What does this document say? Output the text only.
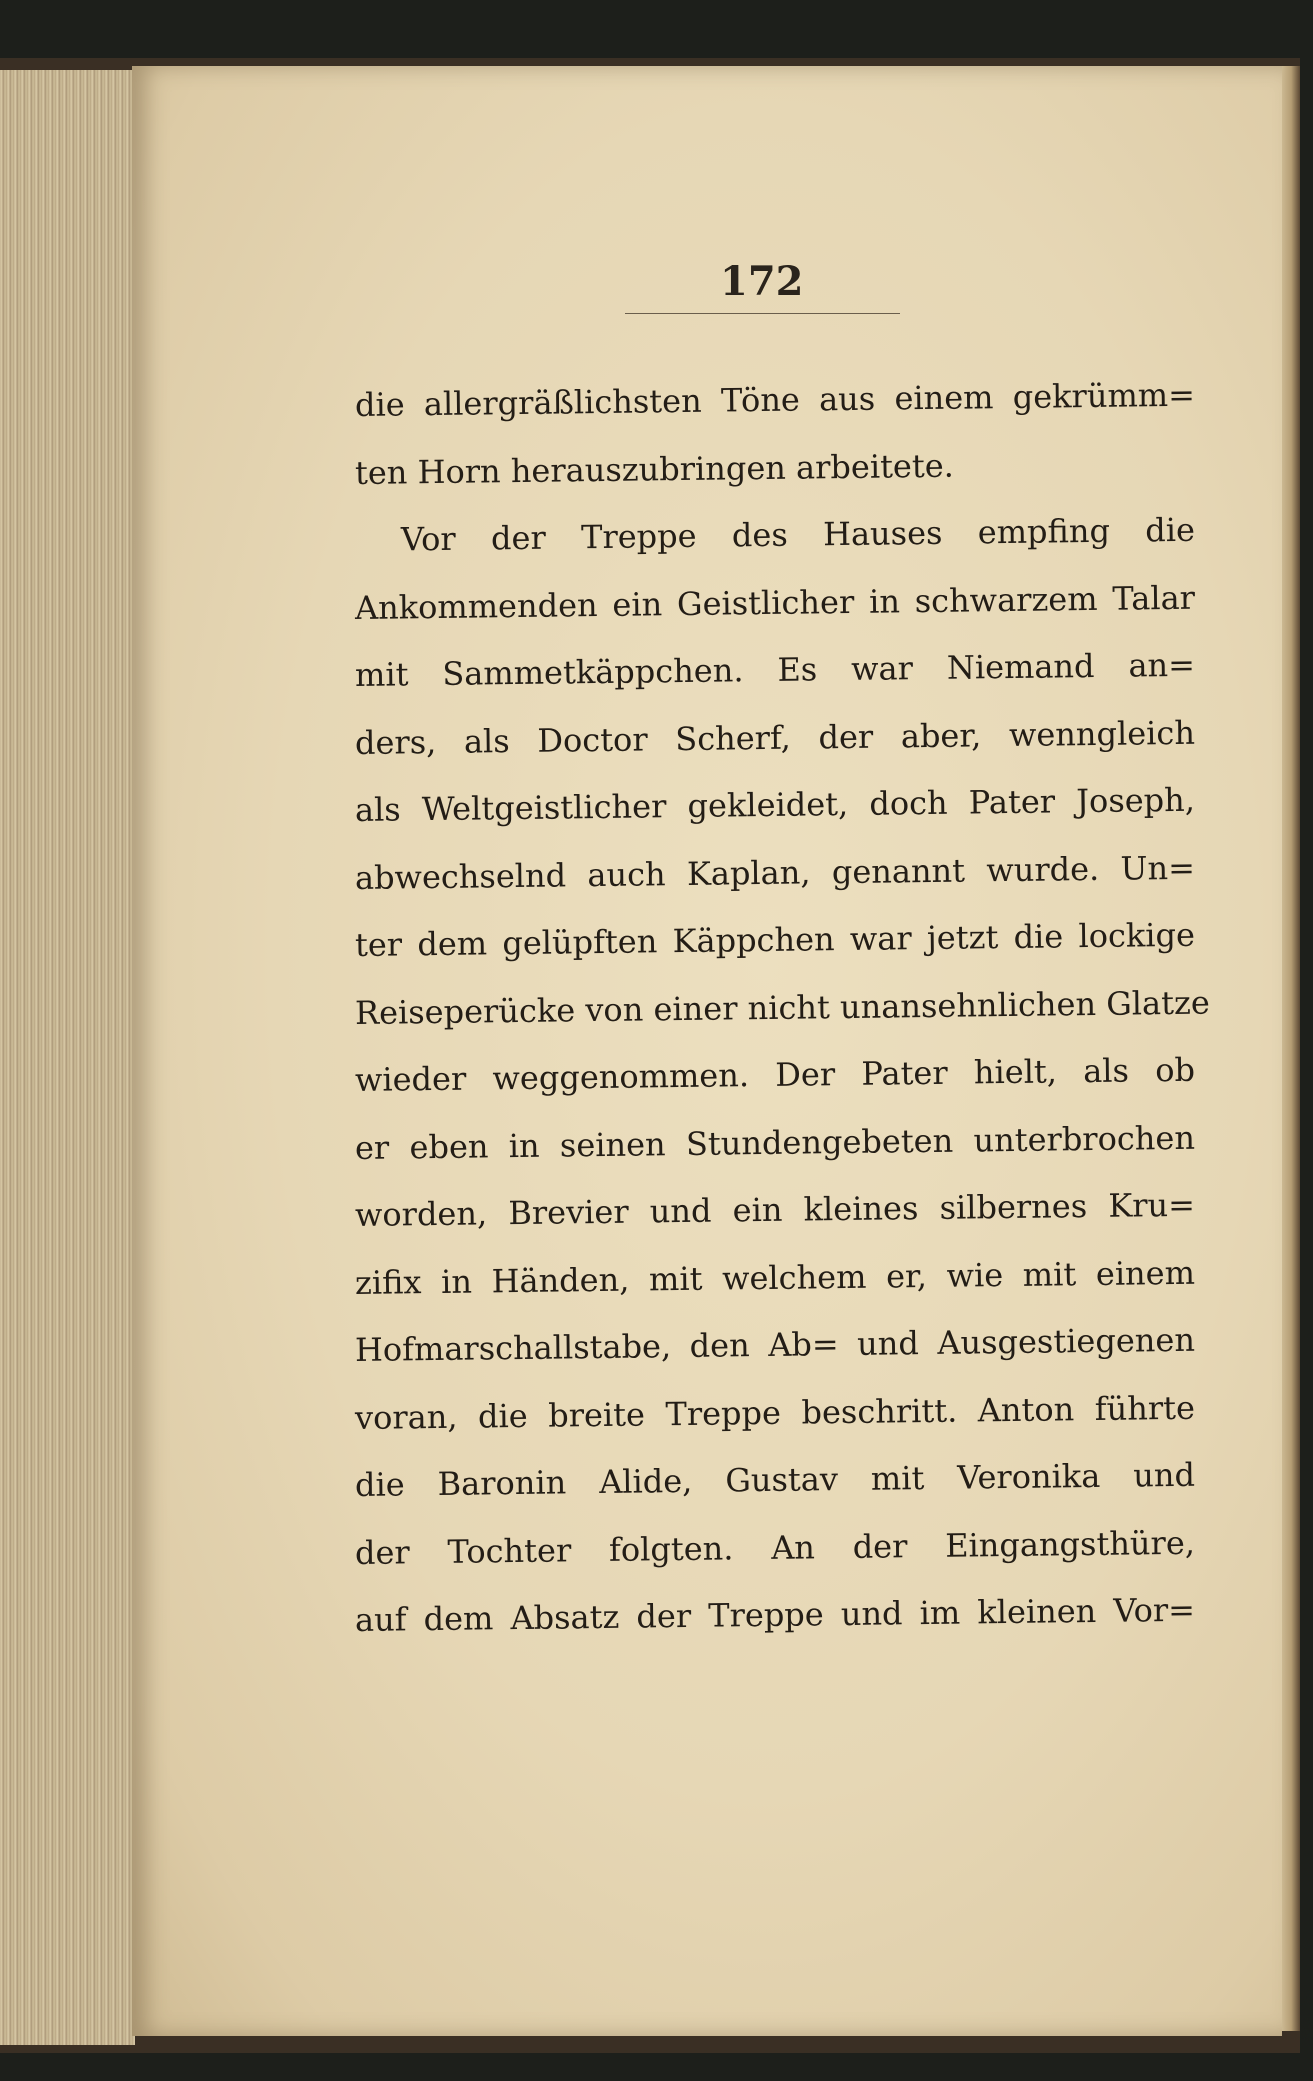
172
die allergräßlichsten Töne aus einem gekrümm=
ten Horn herauszubringen arbeitete.
Vor der Treppe des Hauses empfing die
Ankommenden ein Geistlicher in schwarzem Talar
mit Sammetkäppchen. Es war Niemand an=
ders, als Doctor Scherf, der aber, wenngleich
als Weltgeistlicher gekleidet, doch Pater Joseph,
abwechselnd auch Kaplan, genannt wurde. Un=
ter dem gelüpften Käppchen war jetzt die lockige
Reiseperücke von einer nicht unansehnlichen Glatze
wieder weggenommen. Der Pater hielt, als ob
er eben in seinen Stundengebeten unterbrochen
worden, Brevier und ein kleines silbernes Kru=
zifix in Händen, mit welchem er, wie mit einem
Hofmarschallstabe, den Ab= und Ausgestiegenen
voran, die breite Treppe beschritt. Anton führte
die Baronin Alide, Gustav mit Veronika und
der Tochter folgten. An der Eingangsthüre,
auf dem Absatz der Treppe und im kleinen Vor=
